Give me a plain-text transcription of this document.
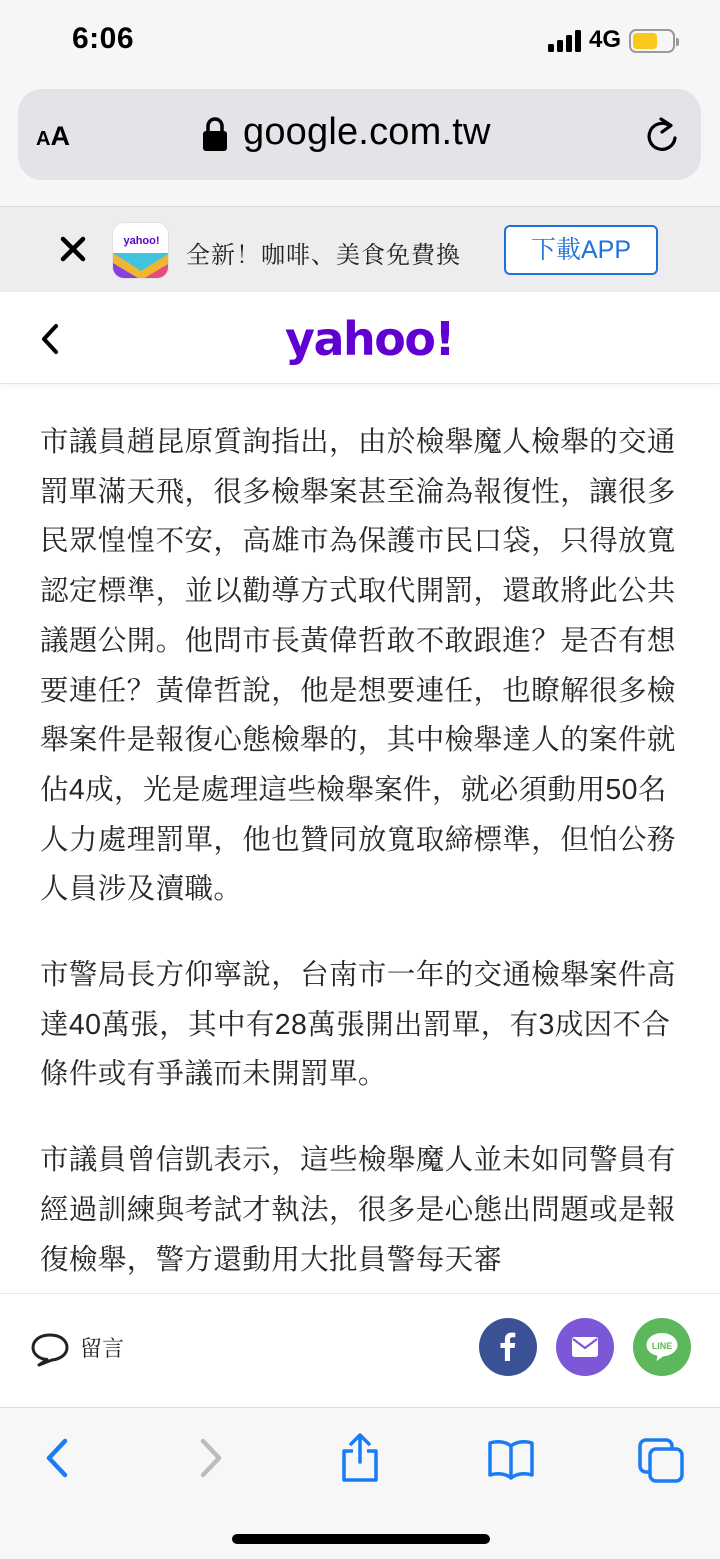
6:06	4G
AA	google.com.tw
yahoo!
全新！咖啡、美食免費換	下載APP
yahoo!

市議員趙昆原質詢指出，由於檢舉魔人檢舉的交通罰單滿天飛，很多檢舉案甚至淪為報復性，讓很多民眾惶惶不安，高雄市為保護市民口袋，只得放寬認定標準，並以勸導方式取代開罰，還敢將此公共議題公開。他問市長黃偉哲敢不敢跟進？是否有想要連任？黃偉哲說，他是想要連任，也瞭解很多檢舉案件是報復心態檢舉的，其中檢舉達人的案件就佔4成，光是處理這些檢舉案件，就必須動用50名人力處理罰單，他也贊同放寬取締標準，但怕公務人員涉及瀆職。

市警局長方仰寧說，台南市一年的交通檢舉案件高達40萬張，其中有28萬張開出罰單，有3成因不合條件或有爭議而未開罰單。

市議員曾信凱表示，這些檢舉魔人並未如同警員有經過訓練與考試才執法，很多是心態出問題或是報復檢舉，警方還動用大批員警每天審

留言	LINE
